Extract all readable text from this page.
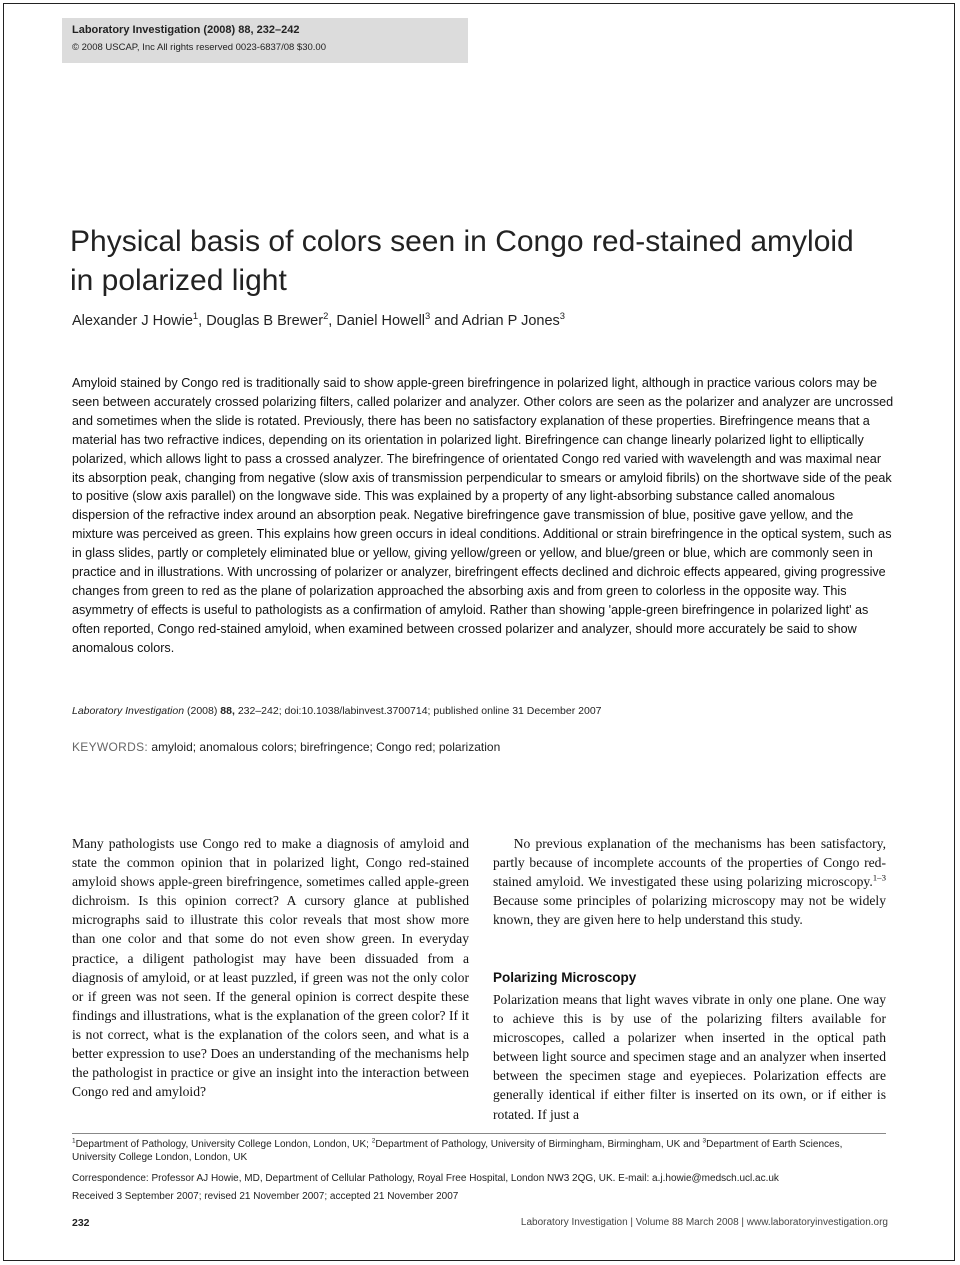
Laboratory Investigation (2008) 88, 232–242
© 2008 USCAP, Inc All rights reserved 0023-6837/08 $30.00
Physical basis of colors seen in Congo red-stained amyloid in polarized light
Alexander J Howie$^1$, Douglas B Brewer$^2$, Daniel Howell$^3$ and Adrian P Jones$^3$

Amyloid stained by Congo red is traditionally said to show apple-green birefringence in polarized light, although in practice various colors may be seen between accurately crossed polarizing filters, called polarizer and analyzer. Other colors are seen as the polarizer and analyzer are uncrossed and sometimes when the slide is rotated. Previously, there has been no satisfactory explanation of these properties. Birefringence means that a material has two refractive indices, depending on its orientation in polarized light. Birefringence can change linearly polarized light to elliptically polarized, which allows light to pass a crossed analyzer. The birefringence of orientated Congo red varied with wavelength and was maximal near its absorption peak, changing from negative (slow axis of transmission perpendicular to smears or amyloid fibrils) on the shortwave side of the peak to positive (slow axis parallel) on the longwave side. This was explained by a property of any light-absorbing substance called anomalous dispersion of the refractive index around an absorption peak. Negative birefringence gave transmission of blue, positive gave yellow, and the mixture was perceived as green. This explains how green occurs in ideal conditions. Additional or strain birefringence in the optical system, such as in glass slides, partly or completely eliminated blue or yellow, giving yellow/green or yellow, and blue/green or blue, which are commonly seen in practice and in illustrations. With uncrossing of polarizer or analyzer, birefringent effects declined and dichroic effects appeared, giving progressive changes from green to red as the plane of polarization approached the absorbing axis and from green to colorless in the opposite way. This asymmetry of effects is useful to pathologists as a confirmation of amyloid. Rather than showing 'apple-green birefringence in polarized light' as often reported, Congo red-stained amyloid, when examined between crossed polarizer and analyzer, should more accurately be said to show anomalous colors.

Laboratory Investigation (2008) 88, 232–242; doi:10.1038/labinvest.3700714; published online 31 December 2007
KEYWORDS: amyloid; anomalous colors; birefringence; Congo red; polarization

Many pathologists use Congo red to make a diagnosis of amyloid and state the common opinion that in polarized light, Congo red-stained amyloid shows apple-green birefringence, sometimes called apple-green dichroism. Is this opinion correct? A cursory glance at published micrographs said to illustrate this color reveals that most show more than one color and that some do not even show green. In everyday practice, a diligent pathologist may have been dissuaded from a diagnosis of amyloid, or at least puzzled, if green was not the only color or if green was not seen. If the general opinion is correct despite these findings and illustrations, what is the explanation of the green color? If it is not correct, what is the explanation of the colors seen, and what is a better expression to use? Does an understanding of the mechanisms help the pathologist in practice or give an insight into the interaction between Congo red and amyloid?

No previous explanation of the mechanisms has been satisfactory, partly because of incomplete accounts of the properties of Congo red-stained amyloid. We investigated these using polarizing microscopy.$^{1-3}$ Because some principles of polarizing microscopy may not be widely known, they are given here to help understand this study.

Polarizing Microscopy

Polarization means that light waves vibrate in only one plane. One way to achieve this is by use of the polarizing filters available for microscopes, called a polarizer when inserted in the optical path between light source and specimen stage and an analyzer when inserted between the specimen stage and eyepieces. Polarization effects are generally identical if either filter is inserted on its own, or if either is rotated. If just a

$^1$Department of Pathology, University College London, London, UK; $^2$Department of Pathology, University of Birmingham, Birmingham, UK and $^3$Department of Earth Sciences, University College London, London, UK

Correspondence: Professor AJ Howie, MD, Department of Cellular Pathology, Royal Free Hospital, London NW3 2QG, UK. E-mail: a.j.howie@medsch.ucl.ac.uk

Received 3 September 2007; revised 21 November 2007; accepted 21 November 2007

232	Laboratory Investigation | Volume 88 March 2008 | www.laboratoryinvestigation.org
